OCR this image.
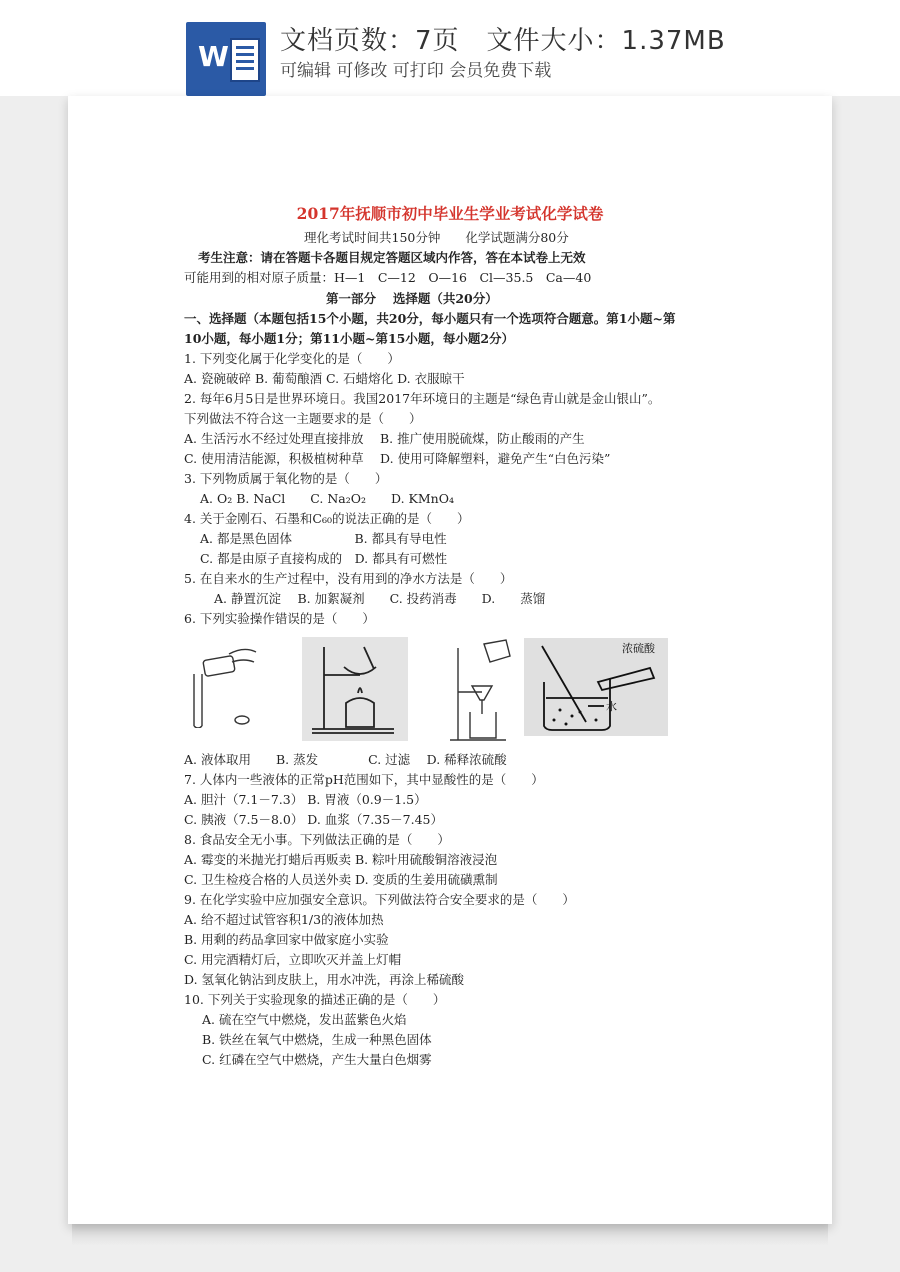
W 文档页数：7页　文件大小：1.37MB
可编辑 可修改 可打印 会员免费下载
2017年抚顺市初中毕业生学业考试化学试卷
理化考试时间共150分钟　　化学试题满分80分
考生注意：请在答题卡各题目规定答题区域内作答，答在本试卷上无效
可能用到的相对原子质量：H—1　C—12　O—16　Cl—35.5　Ca—40
第一部分　 选择题（共20分）
一、选择题（本题包括15个小题，共20分，每小题只有一个选项符合题意。第1小题~第
10小题，每小题1分；第11小题~第15小题，每小题2分）
1. 下列变化属于化学变化的是（　　）
A. 瓷碗破碎 B. 葡萄酿酒 C. 石蜡熔化 D. 衣服晾干
2. 每年6月5日是世界环境日。我国2017年环境日的主题是“绿色青山就是金山银山”。
下列做法不符合这一主题要求的是（　　）
A. 生活污水不经过处理直接排放　 B. 推广使用脱硫煤，防止酸雨的产生
C. 使用清洁能源，积极植树种草　 D. 使用可降解塑料，避免产生“白色污染”
3. 下列物质属于氧化物的是（　　）
A. O₂ B. NaCl　　C. Na₂O₂　　D. KMnO₄
4. 关于金刚石、石墨和C₆₀的说法正确的是（　　）
A. 都是黑色固体　　　　　B. 都具有导电性
C. 都是由原子直接构成的　D. 都具有可燃性
5. 在自来水的生产过程中，没有用到的净水方法是（　　）
A. 静置沉淀　 B. 加絮凝剂　　C. 投药消毒　　D.　　蒸馏
6. 下列实验操作错误的是（　　）
浓硫酸
水
A. 液体取用　　B. 蒸发　　　　C. 过滤　 D. 稀释浓硫酸
7. 人体内一些液体的正常pH范围如下，其中显酸性的是（　　）
A. 胆汁（7.1－7.3） B. 胃液（0.9－1.5）
C. 胰液（7.5－8.0） D. 血浆（7.35－7.45）
8. 食品安全无小事。下列做法正确的是（　　）
A. 霉变的米抛光打蜡后再贩卖 B. 粽叶用硫酸铜溶液浸泡
C. 卫生检疫合格的人员送外卖 D. 变质的生姜用硫磺熏制
9. 在化学实验中应加强安全意识。下列做法符合安全要求的是（　　）
A. 给不超过试管容积1/3的液体加热
B. 用剩的药品拿回家中做家庭小实验
C. 用完酒精灯后，立即吹灭并盖上灯帽
D. 氢氧化钠沾到皮肤上，用水冲洗，再涂上稀硫酸
10. 下列关于实验现象的描述正确的是（　　）
A. 硫在空气中燃烧，发出蓝紫色火焰
B. 铁丝在氧气中燃烧，生成一种黑色固体
C. 红磷在空气中燃烧，产生大量白色烟雾
